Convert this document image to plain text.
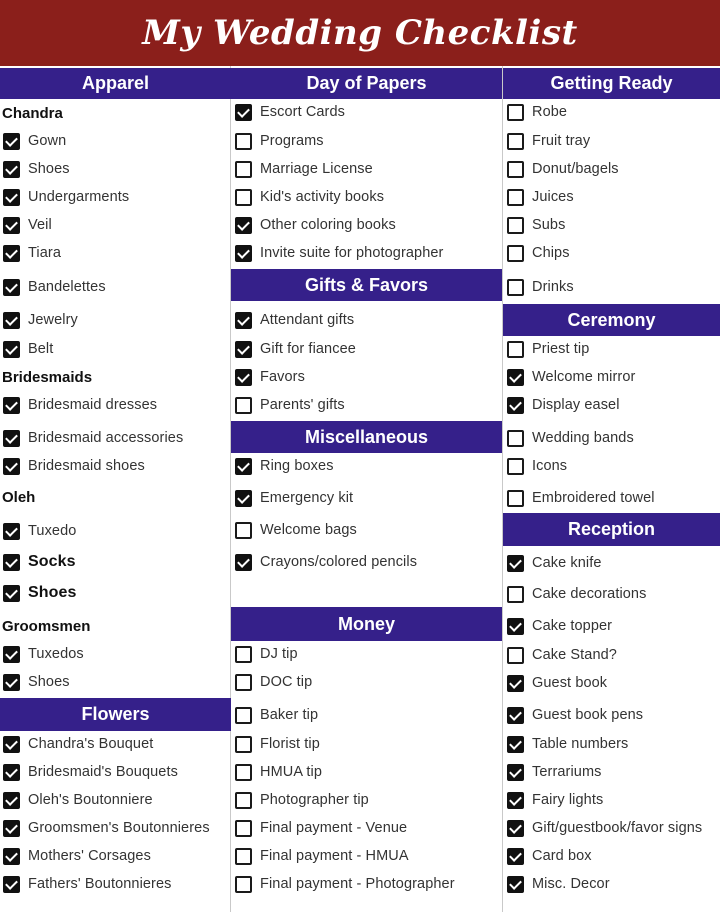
My Wedding Checklist
Apparel
Chandra
Gown
Shoes
Undergarments
Veil
Tiara
Bandelettes
Jewelry
Belt
Bridesmaids
Bridesmaid dresses
Bridesmaid accessories
Bridesmaid shoes
Oleh
Tuxedo
Socks
Shoes
Groomsmen
Tuxedos
Shoes
Flowers
Chandra's Bouquet
Bridesmaid's Bouquets
Oleh's Boutonniere
Groomsmen's Boutonnieres
Mothers' Corsages
Fathers' Boutonnieres
Day of Papers
Escort Cards
Programs
Marriage License
Kid's activity books
Other coloring books
Invite suite for photographer
Gifts & Favors
Attendant gifts
Gift for fiancee
Favors
Parents' gifts
Miscellaneous
Ring boxes
Emergency kit
Welcome bags
Crayons/colored pencils
Money
DJ tip
DOC tip
Baker tip
Florist tip
HMUA tip
Photographer tip
Final payment - Venue
Final payment - HMUA
Final payment - Photographer
Getting Ready
Robe
Fruit tray
Donut/bagels
Juices
Subs
Chips
Drinks
Ceremony
Priest tip
Welcome mirror
Display easel
Wedding bands
Icons
Embroidered towel
Reception
Cake knife
Cake decorations
Cake topper
Cake Stand?
Guest book
Guest book pens
Table numbers
Terrariums
Fairy lights
Gift/guestbook/favor signs
Card box
Misc. Decor
